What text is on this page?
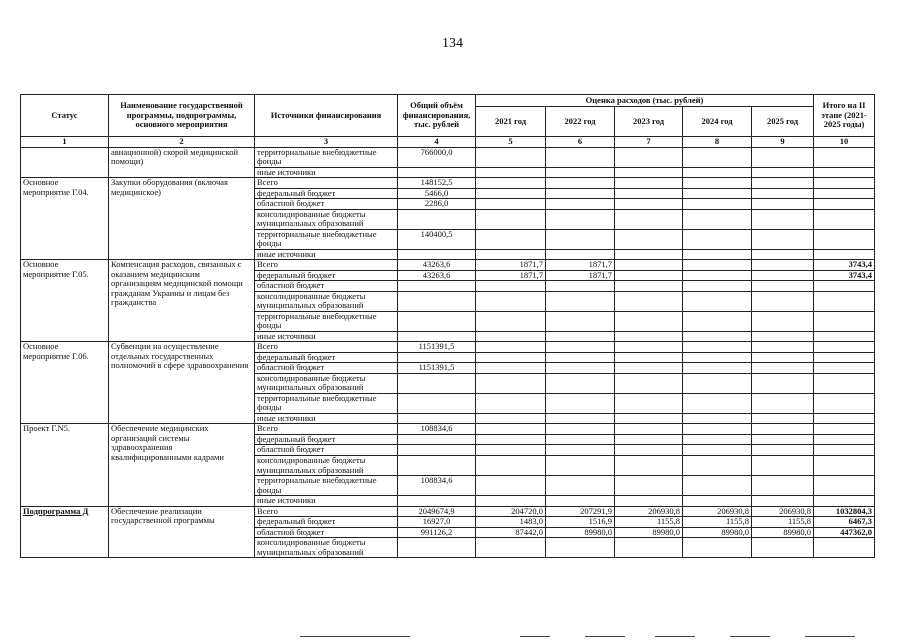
134
Статус	Наименование государственной программы, подпрограммы, основного мероприятия	Источники финансирования	Общий объём финансирования, тыс. рублей	Оценка расходов (тыс. рублей)					Итого на II этапе (2021-2025 годы)
				2021 год	2022 год	2023 год	2024 год	2025 год	
1	2	3	4	5	6	7	8	9	10
	авиационной) скорой медицинской помощи)	территориальные внебюджетные фонды	766000,0						
		иные источники							
Основное мероприятие Г.04.	Закупки оборудования (включая медицинское)	Всего	148152,5						
		федеральный бюджет	5466,0						
		областной бюджет	2286,0						
		консолидированные бюджеты муниципальных образований							
		территориальные внебюджетные фонды	140400,5						
		иные источники							
Основное мероприятие Г.05.	Компенсация расходов, связанных с оказанием медицинским организациям медицинской помощи гражданам Украины и лицам без гражданства	Всего	43263,6	1871,7	1871,7				3743,4
		федеральный бюджет	43263,6	1871,7	1871,7				3743,4
		областной бюджет							
		консолидированные бюджеты муниципальных образований							
		территориальные внебюджетные фонды							
		иные источники							
Основное мероприятие Г.06.	Субвенции на осуществление отдельных государственных полномочий в сфере здравоохранения	Всего	1151391,5						
		федеральный бюджет							
		областной бюджет	1151391,5						
		консолидированные бюджеты муниципальных образований							
		территориальные внебюджетные фонды							
		иные источники							
Проект Г.N5.	Обеспечение медицинских организаций системы здравоохранения квалифицированными кадрами	Всего	108834,6						
		федеральный бюджет							
		областной бюджет							
		консолидированные бюджеты муниципальных образований							
		территориальные внебюджетные фонды	108834,6						
		иные источники							
Подпрограмма Д	Обеспечение реализации государственной программы	Всего	2049674,9	204720,0	207291,9	206930,8	206930,8	206930,8	1032804,3
		федеральный бюджет	16927,0	1483,0	1516,9	1155,8	1155,8	1155,8	6467,3
		областной бюджет	991126,2	87442,0	89980,0	89980,0	89980,0	89980,0	447362,0
		консолидированные бюджеты муниципальных образований							
